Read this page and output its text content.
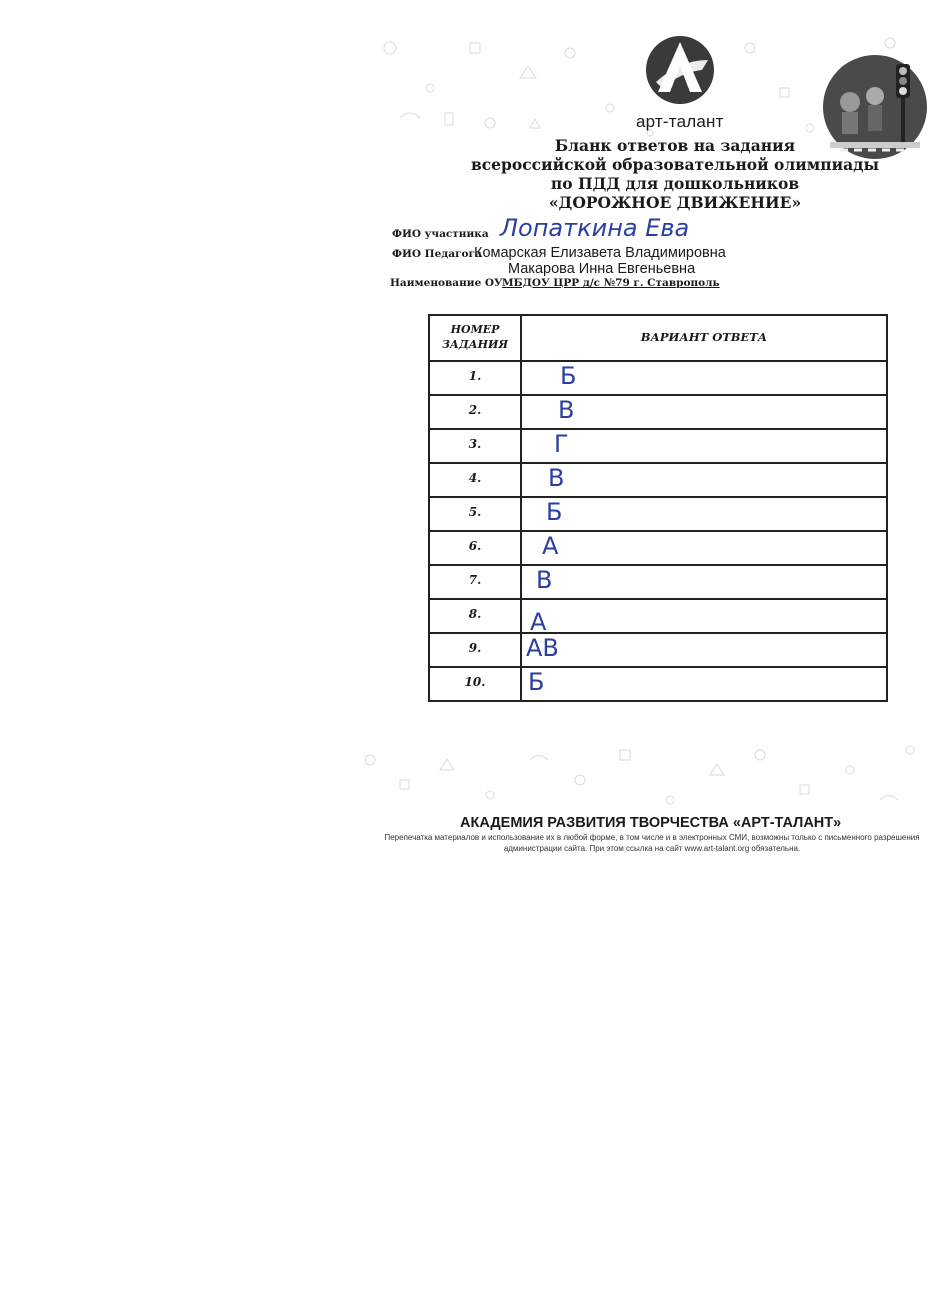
арт-талант
Бланк ответов на задания
всероссийской образовательной олимпиады
по ПДД для дошкольников
«ДОРОЖНОЕ ДВИЖЕНИЕ»
ФИО участника Лопаткина Ева
ФИО Педагога
Комарская Елизавета Владимировна
Макарова Инна Евгеньевна
Наименование ОУ МБДОУ ЦРР д/с №79 г. Ставрополь
НОМЕР ЗАДАНИЯ
ВАРИАНТ ОТВЕТА
1.	Б
2.	В
3.	Г
4.	В
5.	Б
6.	А
7.	В
8.	А
9.	АВ
10.	Б
АКАДЕМИЯ РАЗВИТИЯ ТВОРЧЕСТВА «АРТ-ТАЛАНТ»
Перепечатка материалов и использование их в любой форме, в том числе и в электронных СМИ, возможны только с письменного разрешения администрации сайта. При этом ссылка на сайт www.art-talant.org обязательна.
